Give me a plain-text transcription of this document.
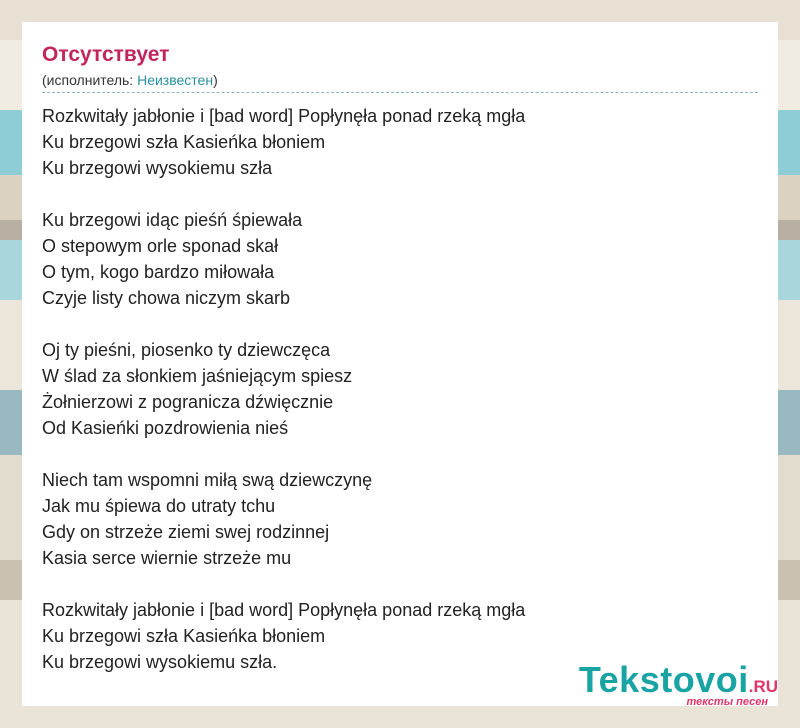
Отсутствует
(исполнитель: Неизвестен)
Rozkwitały jabłonie i [bad word] Popłynęła ponad rzeką mgła
Ku brzegowi szła Kasieńka błoniem
Ku brzegowi wysokiemu szła
Ku brzegowi idąc pieśń śpiewała
O stepowym orle sponad skał
O tym, kogo bardzo miłowała
Czyje listy chowa niczym skarb
Oj ty pieśni, piosenko ty dziewczęca
W ślad za słonkiem jaśniejącym spiesz
Żołnierzowi z pogranicza dźwięcznie
Od Kasieńki pozdrowienia nieś
Niech tam wspomni miłą swą dziewczynę
Jak mu śpiewa do utraty tchu
Gdy on strzeże ziemi swej rodzinnej
Kasia serce wiernie strzeże mu
Rozkwitały jabłonie i [bad word] Popłynęła ponad rzeką mgła
Ku brzegowi szła Kasieńka błoniem
Ku brzegowi wysokiemu szła.	Tekstovoi.RU
тексты песен
